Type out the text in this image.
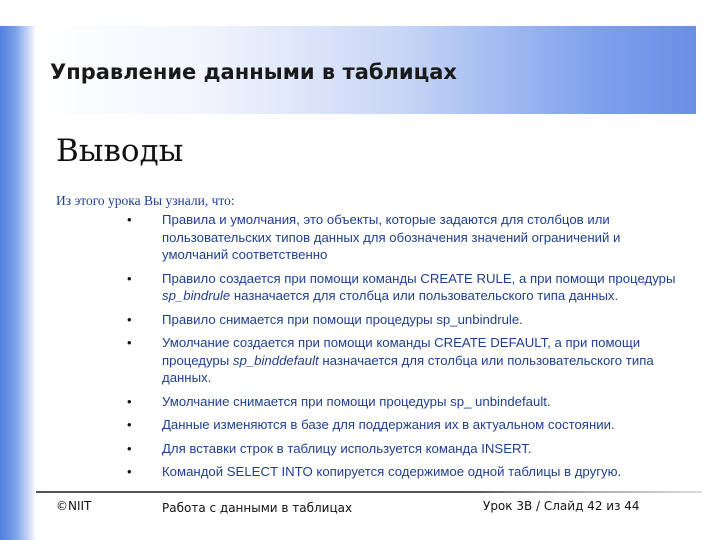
Управление данными в таблицах
Выводы
Из этого урока Вы узнали, что:
• Правила и умолчания, это объекты, которые задаются для столбцов или пользовательских типов данных для обозначения значений ограничений и умолчаний соответственно
• Правило создается при помощи команды CREATE RULE, а при помощи процедуры sp_bindrule назначается для столбца или пользовательского типа данных.
• Правило снимается при помощи процедуры sp_unbindrule.
• Умолчание создается при помощи команды CREATE DEFAULT, а при помощи процедуры sp_binddefault назначается для столбца или пользовательского типа данных.
• Умолчание снимается при помощи процедуры sp_ unbindefault.
• Данные изменяются в базе для поддержания их в актуальном состоянии.
• Для вставки строк в таблицу используется команда INSERT.
• Командой SELECT INTO копируется содержимое одной таблицы в другую.
©NIIT	Работа с данными в таблицах	Урок 3B / Слайд 42 из 44
